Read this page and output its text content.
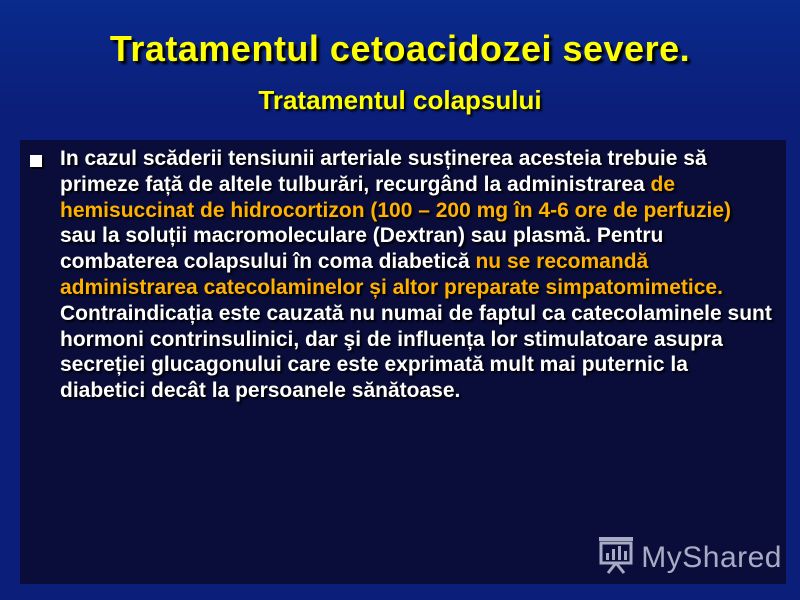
Tratamentul cetoacidozei severe.
Tratamentul colapsului
In cazul scăderii tensiunii arteriale susținerea acesteia trebuie să primeze față de altele tulburări, recurgând la administrarea de hemisuccinat de hidrocortizon (100 – 200 mg în 4-6 ore de perfuzie) sau la soluții macromoleculare (Dextran) sau plasmă. Pentru combaterea colapsului în coma diabetică nu se recomandă administrarea catecolaminelor și altor preparate simpatomimetice. Contraindicația este cauzată nu numai de faptul ca catecolaminele sunt hormoni contrinsulinici, dar şi de influența lor stimulatoare asupra secreției glucagonului care este exprimată mult mai puternic la diabetici decât la persoanele sănătoase.
MyShared
